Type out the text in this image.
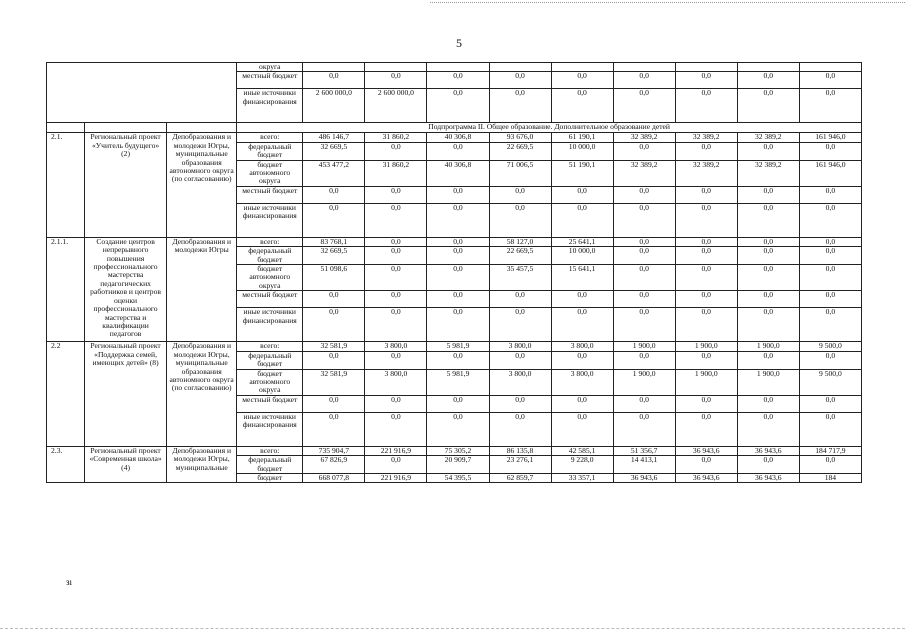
5
			округа									
			местный бюджет	0,0	0,0	0,0	0,0	0,0	0,0	0,0	0,0	0,0
			иные источники финансирования	2 600 000,0	2 600 000,0	0,0	0,0	0,0	0,0	0,0	0,0	0,0
			Подпрограмма II. Общее образование. Дополнительное образование детей									
2.1.	Региональный проект «Учитель будущего» (2)	Депобразования и молодежи Югры, муниципальные образования автономного округа (по согласованию)	всего:	486 146,7	31 860,2	40 306,8	93 676,0	61 190,1	32 389,2	32 389,2	32 389,2	161 946,0
			федеральный бюджет	32 669,5	0,0	0,0	22 669,5	10 000,0	0,0	0,0	0,0	0,0
			бюджет автономного округа	453 477,2	31 860,2	40 306,8	71 006,5	51 190,1	32 389,2	32 389,2	32 389,2	161 946,0
			местный бюджет	0,0	0,0	0,0	0,0	0,0	0,0	0,0	0,0	0,0
			иные источники финансирования	0,0	0,0	0,0	0,0	0,0	0,0	0,0	0,0	0,0
2.1.1.	Создание центров непрерывного повышения профессионального мастерства педагогических работников и центров оценки профессионального мастерства и квалификации педагогов	Депобразования и молодежи Югры	всего:	83 768,1	0,0	0,0	58 127,0	25 641,1	0,0	0,0	0,0	0,0
			федеральный бюджет	32 669,5	0,0	0,0	22 669,5	10 000,0	0,0	0,0	0,0	0,0
			бюджет автономного округа	51 098,6	0,0	0,0	35 457,5	15 641,1	0,0	0,0	0,0	0,0
			местный бюджет	0,0	0,0	0,0	0,0	0,0	0,0	0,0	0,0	0,0
			иные источники финансирования	0,0	0,0	0,0	0,0	0,0	0,0	0,0	0,0	0,0
2.2	Региональный проект «Поддержка семей, имеющих детей» (8)	Депобразования и молодежи Югры, муниципальные образования автономного округа (по согласованию)	всего:	32 581,9	3 800,0	5 981,9	3 800,0	3 800,0	1 900,0	1 900,0	1 900,0	9 500,0
			федеральный бюджет	0,0	0,0	0,0	0,0	0,0	0,0	0,0	0,0	0,0
			бюджет автономного округа	32 581,9	3 800,0	5 981,9	3 800,0	3 800,0	1 900,0	1 900,0	1 900,0	9 500,0
			местный бюджет	0,0	0,0	0,0	0,0	0,0	0,0	0,0	0,0	0,0
			иные источники финансирования	0,0	0,0	0,0	0,0	0,0	0,0	0,0	0,0	0,0
2.3.	Региональный проект «Современная школа» (4)	Депобразования и молодежи Югры, муниципальные	всего:	735 904,7	221 916,9	75 305,2	86 135,8	42 585,1	51 356,7	36 943,6	36 943,6	184 717,9
			федеральный бюджет	67 826,9	0,0	20 909,7	23 276,1	9 228,0	14 413,1	0,0	0,0	0,0
			бюджет	668 077,8	221 916,9	54 395,5	62 859,7	33 357,1	36 943,6	36 943,6	36 943,6	184
зı
